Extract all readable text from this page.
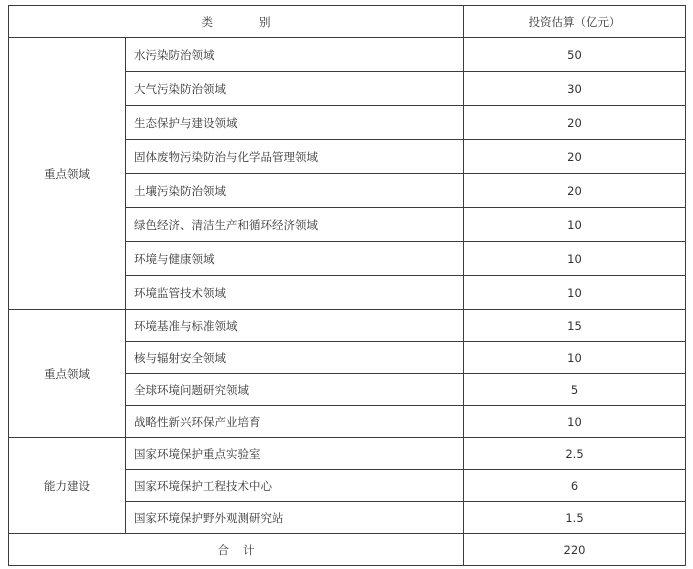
类 别		投资估算（亿元）
重点领域	水污染防治领域	50
	大气污染防治领域	30
	生态保护与建设领域	20
	固体废物污染防治与化学品管理领域	20
	土壤污染防治领域	20
	绿色经济、清洁生产和循环经济领域	10
	环境与健康领域	10
	环境监管技术领域	10
重点领域	环境基准与标准领域	15
	核与辐射安全领域	10
	全球环境问题研究领域	5
	战略性新兴环保产业培育	10
能力建设	国家环境保护重点实验室	2.5
	国家环境保护工程技术中心	6
	国家环境保护野外观测研究站	1.5
合 计		220
